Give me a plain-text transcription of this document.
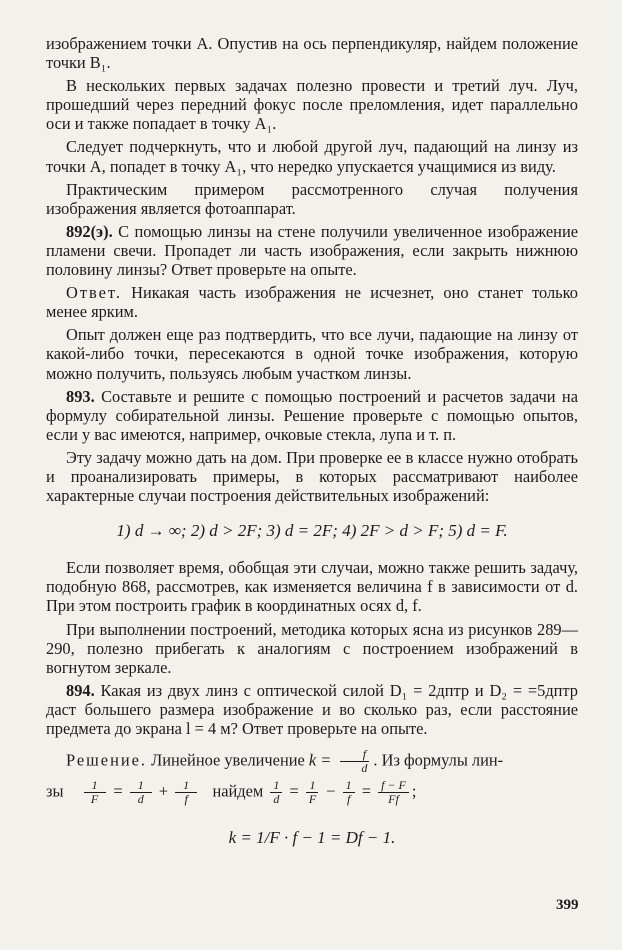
изображением точки A. Опустив на ось перпендикуляр, найдем положение точки B₁.

В нескольких первых задачах полезно провести и третий луч. Луч, прошедший через передний фокус после преломления, идет параллельно оси и также попадает в точку A₁.

Следует подчеркнуть, что и любой другой луч, падающий на линзу из точки A, попадет в точку A₁, что нередко упускается учащимися из виду.

Практическим примером рассмотренного случая получения изображения является фотоаппарат.

892(э). С помощью линзы на стене получили увеличенное изображение пламени свечи. Пропадет ли часть изображения, если закрыть нижнюю половину линзы? Ответ проверьте на опыте.

Ответ. Никакая часть изображения не исчезнет, оно станет только менее ярким.

Опыт должен еще раз подтвердить, что все лучи, падающие на линзу от какой-либо точки, пересекаются в одной точке изображения, которую можно получить, пользуясь любым участком линзы.

893. Составьте и решите с помощью построений и расчетов задачи на формулу собирательной линзы. Решение проверьте с помощью опытов, если у вас имеются, например, очковые стекла, лупа и т. п.

Эту задачу можно дать на дом. При проверке ее в классе нужно отобрать и проанализировать примеры, в которых рассматривают наиболее характерные случаи построения действительных изображений:

1) d → ∞; 2) d > 2F; 3) d = 2F; 4) 2F > d > F; 5) d = F.

Если позволяет время, обобщая эти случаи, можно также решить задачу, подобную 868, рассмотрев, как изменяется величина f в зависимости от d. При этом построить график в координатных осях d, f.

При выполнении построений, методика которых ясна из рисунков 289—290, полезно прибегать к аналогиям с построением изображений в вогнутом зеркале.

894. Какая из двух линз с оптической силой D₁ = 2дптр и D₂ = =5дптр даст большего размера изображение и во сколько раз, если расстояние предмета до экрана l = 4 м? Ответ проверьте на опыте.

Решение. Линейное увеличение $k = \frac{f}{d}$ . Из формулы лин-

зы $\frac{1}{F} = \frac{1}{d} + \frac{1}{f}$ найдем $\frac{1}{d} = \frac{1}{F} - \frac{1}{f} = \frac{f - F}{Ff}$ ;
k = 1/F · f − 1 = Df − 1.
399
